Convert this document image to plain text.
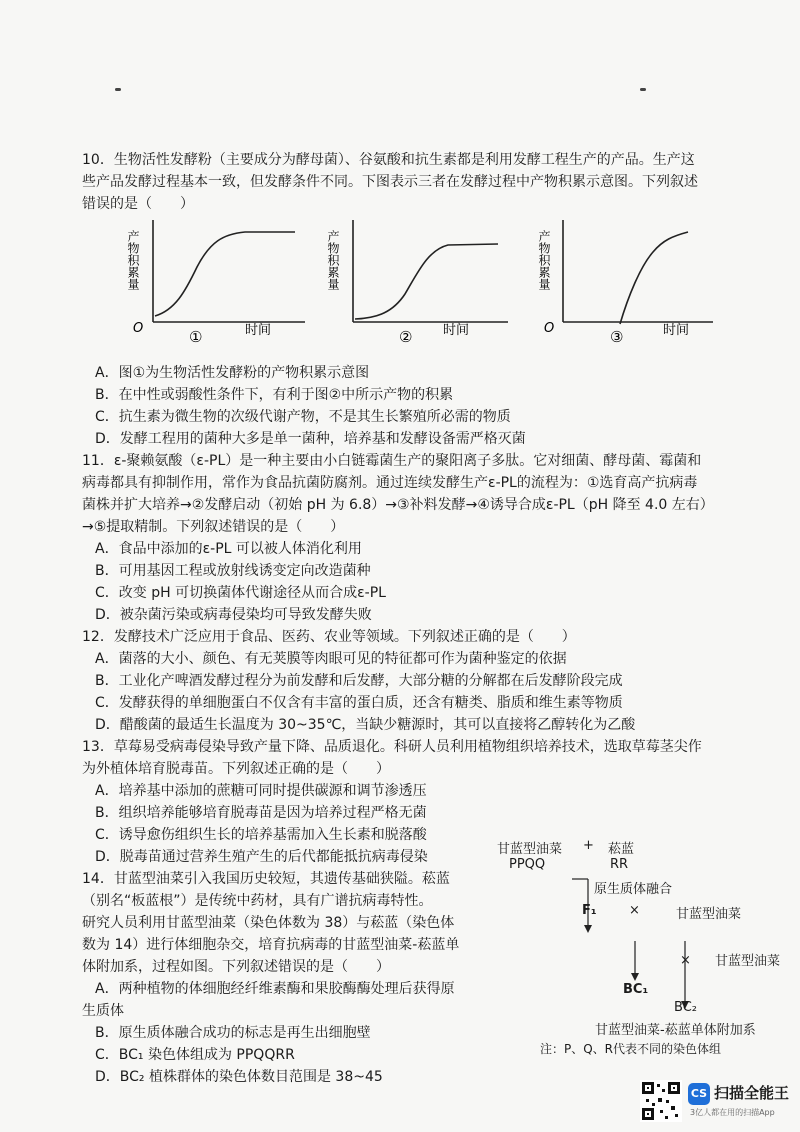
10．生物活性发酵粉（主要成分为酵母菌）、谷氨酸和抗生素都是利用发酵工程生产的产品。生产这
些产品发酵过程基本一致，但发酵条件不同。下图表示三者在发酵过程中产物积累示意图。下列叙述
错误的是（　　）
产物积累量
O	时间
①
产物积累量
时间
②
产物积累量
O	时间
③
A．图①为生物活性发酵粉的产物积累示意图
B．在中性或弱酸性条件下，有利于图②中所示产物的积累
C．抗生素为微生物的次级代谢产物，不是其生长繁殖所必需的物质
D．发酵工程用的菌种大多是单一菌种，培养基和发酵设备需严格灭菌
11．ε-聚赖氨酸（ε-PL）是一种主要由小白链霉菌生产的聚阳离子多肽。它对细菌、酵母菌、霉菌和
病毒都具有抑制作用，常作为食品抗菌防腐剂。通过连续发酵生产ε-PL的流程为：①选育高产抗病毒
菌株并扩大培养→②发酵启动（初始 pH 为 6.8）→③补料发酵→④诱导合成ε-PL（pH 降至 4.0 左右）
→⑤提取精制。下列叙述错误的是（　　）
A．食品中添加的ε-PL 可以被人体消化利用
B．可用基因工程或放射线诱变定向改造菌种
C．改变 pH 可切换菌体代谢途径从而合成ε-PL
D．被杂菌污染或病毒侵染均可导致发酵失败
12．发酵技术广泛应用于食品、医药、农业等领域。下列叙述正确的是（　　）
A．菌落的大小、颜色、有无荚膜等肉眼可见的特征都可作为菌种鉴定的依据
B．工业化产啤酒发酵过程分为前发酵和后发酵，大部分糖的分解都在后发酵阶段完成
C．发酵获得的单细胞蛋白不仅含有丰富的蛋白质，还含有糖类、脂质和维生素等物质
D．醋酸菌的最适生长温度为 30~35℃，当缺少糖源时，其可以直接将乙醇转化为乙酸
13．草莓易受病毒侵染导致产量下降、品质退化。科研人员利用植物组织培养技术，选取草莓茎尖作
为外植体培育脱毒苗。下列叙述正确的是（　　）
A．培养基中添加的蔗糖可同时提供碳源和调节渗透压
B．组织培养能够培育脱毒苗是因为培养过程严格无菌
C．诱导愈伤组织生长的培养基需加入生长素和脱落酸
D．脱毒苗通过营养生殖产生的后代都能抵抗病毒侵染
14．甘蓝型油菜引入我国历史较短，其遗传基础狭隘。菘蓝
（别名“板蓝根”）是传统中药材，具有广谱抗病毒特性。
研究人员利用甘蓝型油菜（染色体数为 38）与菘蓝（染色体
数为 14）进行体细胞杂交，培育抗病毒的甘蓝型油菜-菘蓝单
体附加系，过程如图。下列叙述错误的是（　　）
A．两种植物的体细胞经纤维素酶和果胶酶酶处理后获得原
生质体
B．原生质体融合成功的标志是再生出细胞壁
C．BC₁ 染色体组成为 PPQQRR
D．BC₂ 植株群体的染色体数目范围是 38~45
甘蓝型油菜
PPQQ
+ 菘蓝
RR
原生质体融合
F₁ ×	甘蓝型油菜
BC₁
× 甘蓝型油菜
BC₂
甘蓝型油菜-菘蓝单体附加系
注：P、Q、R代表不同的染色体组
CS 扫描全能王
3亿人都在用的扫描App
